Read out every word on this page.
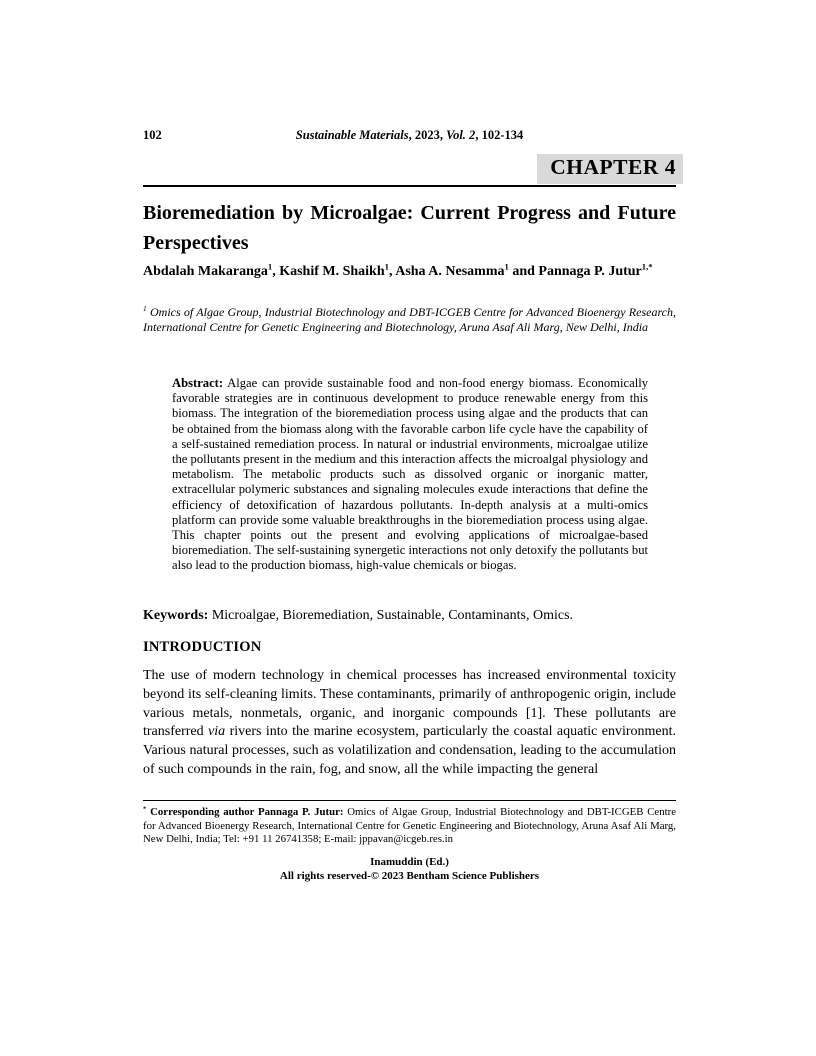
102	Sustainable Materials, 2023, Vol. 2, 102-134
CHAPTER 4
Bioremediation by Microalgae: Current Progress and Future Perspectives

Abdalah Makaranga$^1$, Kashif M. Shaikh$^1$, Asha A. Nesamma$^1$ and Pannaga P. Jutur$^{1,*}$

$^1$ Omics of Algae Group, Industrial Biotechnology and DBT-ICGEB Centre for Advanced Bioenergy Research, International Centre for Genetic Engineering and Biotechnology, Aruna Asaf Ali Marg, New Delhi, India

Abstract: Algae can provide sustainable food and non-food energy biomass. Economically favorable strategies are in continuous development to produce renewable energy from this biomass. The integration of the bioremediation process using algae and the products that can be obtained from the biomass along with the favorable carbon life cycle have the capability of a self-sustained remediation process. In natural or industrial environments, microalgae utilize the pollutants present in the medium and this interaction affects the microalgal physiology and metabolism. The metabolic products such as dissolved organic or inorganic matter, extracellular polymeric substances and signaling molecules exude interactions that define the efficiency of detoxification of hazardous pollutants. In-depth analysis at a multi-omics platform can provide some valuable breakthroughs in the bioremediation process using algae. This chapter points out the present and evolving applications of microalgae-based bioremediation. The self-sustaining synergetic interactions not only detoxify the pollutants but also lead to the production biomass, high-value chemicals or biogas.

Keywords: Microalgae, Bioremediation, Sustainable, Contaminants, Omics.

INTRODUCTION

The use of modern technology in chemical processes has increased environmental toxicity beyond its self-cleaning limits. These contaminants, primarily of anthropogenic origin, include various metals, nonmetals, organic, and inorganic compounds [1]. These pollutants are transferred via rivers into the marine ecosystem, particularly the coastal aquatic environment. Various natural processes, such as volatilization and condensation, leading to the accumulation of such compounds in the rain, fog, and snow, all the while impacting the general

* Corresponding author Pannaga P. Jutur: Omics of Algae Group, Industrial Biotechnology and DBT-ICGEB Centre for Advanced Bioenergy Research, International Centre for Genetic Engineering and Biotechnology, Aruna Asaf Ali Marg, New Delhi, India; Tel: +91 11 26741358; E-mail: jppavan@icgeb.res.in

Inamuddin (Ed.)
All rights reserved-© 2023 Bentham Science Publishers
